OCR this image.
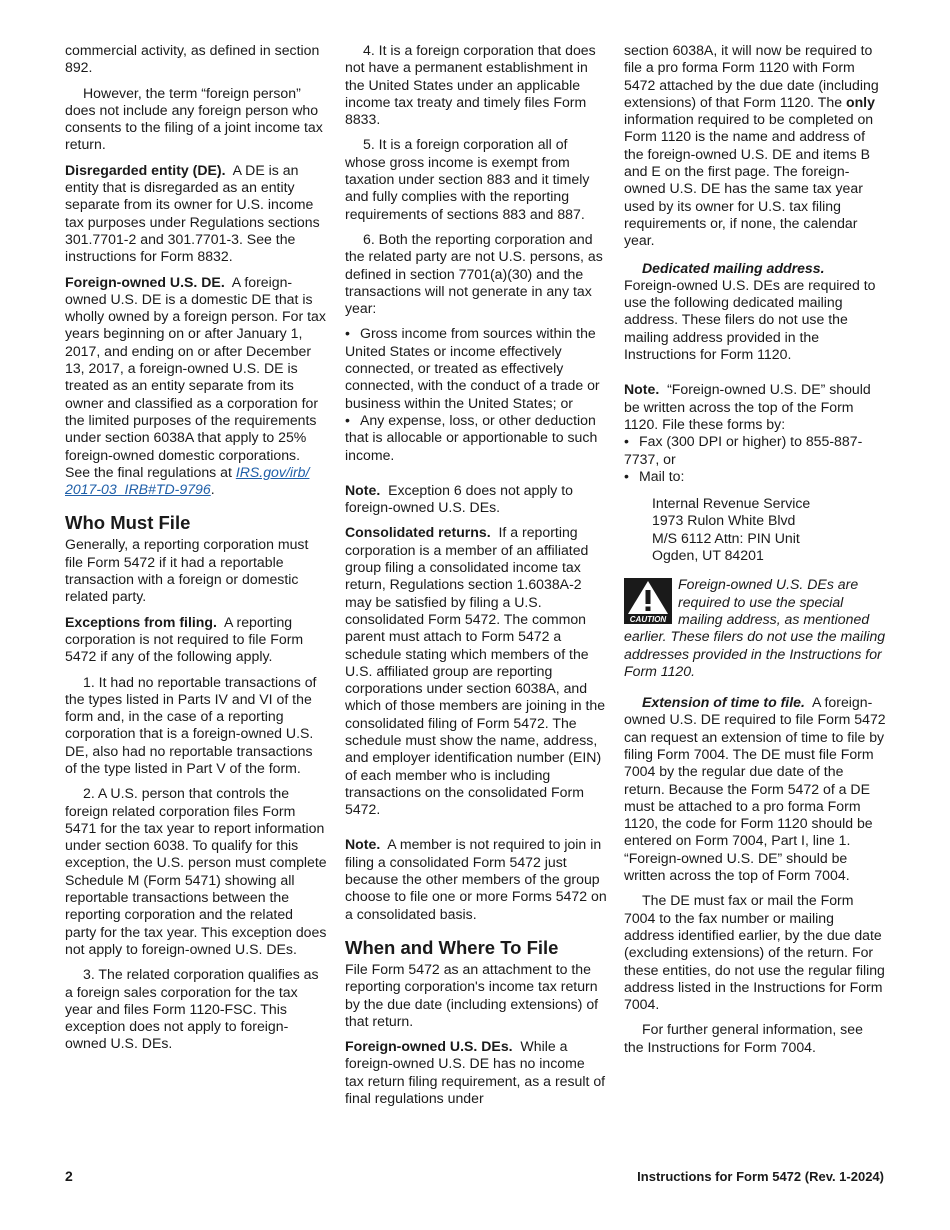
commercial activity, as defined in section 892.

However, the term “foreign person” does not include any foreign person who consents to the filing of a joint income tax return.

Disregarded entity (DE). A DE is an entity that is disregarded as an entity separate from its owner for U.S. income tax purposes under Regulations sections 301.7701-2 and 301.7701-3. See the instructions for Form 8832.

Foreign-owned U.S. DE. A foreign-owned U.S. DE is a domestic DE that is wholly owned by a foreign person. For tax years beginning on or after January 1, 2017, and ending on or after December 13, 2017, a foreign-owned U.S. DE is treated as an entity separate from its owner and classified as a corporation for the limited purposes of the requirements under section 6038A that apply to 25% foreign-owned domestic corporations. See the final regulations at IRS.gov/irb/ 2017-03_IRB#TD-9796.

Who Must File

Generally, a reporting corporation must file Form 5472 if it had a reportable transaction with a foreign or domestic related party.

Exceptions from filing. A reporting corporation is not required to file Form 5472 if any of the following apply.

1. It had no reportable transactions of the types listed in Parts IV and VI of the form and, in the case of a reporting corporation that is a foreign-owned U.S. DE, also had no reportable transactions of the type listed in Part V of the form.

2. A U.S. person that controls the foreign related corporation files Form 5471 for the tax year to report information under section 6038. To qualify for this exception, the U.S. person must complete Schedule M (Form 5471) showing all reportable transactions between the reporting corporation and the related party for the tax year. This exception does not apply to foreign-owned U.S. DEs.

3. The related corporation qualifies as a foreign sales corporation for the tax year and files Form 1120-FSC. This exception does not apply to foreign-owned U.S. DEs.

4. It is a foreign corporation that does not have a permanent establishment in the United States under an applicable income tax treaty and timely files Form 8833.

5. It is a foreign corporation all of whose gross income is exempt from taxation under section 883 and it timely and fully complies with the reporting requirements of sections 883 and 887.

6. Both the reporting corporation and the related party are not U.S. persons, as defined in section 7701(a)(30) and the transactions will not generate in any tax year:

• Gross income from sources within the United States or income effectively connected, or treated as effectively connected, with the conduct of a trade or business within the United States; or
• Any expense, loss, or other deduction that is allocable or apportionable to such income.

Note. Exception 6 does not apply to foreign-owned U.S. DEs.

Consolidated returns. If a reporting corporation is a member of an affiliated group filing a consolidated income tax return, Regulations section 1.6038A-2 may be satisfied by filing a U.S. consolidated Form 5472. The common parent must attach to Form 5472 a schedule stating which members of the U.S. affiliated group are reporting corporations under section 6038A, and which of those members are joining in the consolidated filing of Form 5472. The schedule must show the name, address, and employer identification number (EIN) of each member who is including transactions on the consolidated Form 5472.

Note. A member is not required to join in filing a consolidated Form 5472 just because the other members of the group choose to file one or more Forms 5472 on a consolidated basis.

When and Where To File

File Form 5472 as an attachment to the reporting corporation's income tax return by the due date (including extensions) of that return.

Foreign-owned U.S. DEs. While a foreign-owned U.S. DE has no income tax return filing requirement, as a result of final regulations under

section 6038A, it will now be required to file a pro forma Form 1120 with Form 5472 attached by the due date (including extensions) of that Form 1120. The only information required to be completed on Form 1120 is the name and address of the foreign-owned U.S. DE and items B and E on the first page. The foreign-owned U.S. DE has the same tax year used by its owner for U.S. tax filing requirements or, if none, the calendar year.

Dedicated mailing address.
Foreign-owned U.S. DEs are required to use the following dedicated mailing address. These filers do not use the mailing address provided in the Instructions for Form 1120.

Note. “Foreign-owned U.S. DE” should be written across the top of the Form 1120. File these forms by:

• Fax (300 DPI or higher) to 855-887-7737, or
• Mail to:
Internal Revenue Service
1973 Rulon White Blvd
M/S 6112 Attn: PIN Unit
Ogden, UT 84201
CAUTION
Foreign-owned U.S. DEs are required to use the special mailing address, as mentioned earlier. These filers do not use the mailing addresses provided in the Instructions for Form 1120.

Extension of time to file. A foreign-owned U.S. DE required to file Form 5472 can request an extension of time to file by filing Form 7004. The DE must file Form 7004 by the regular due date of the return. Because the Form 5472 of a DE must be attached to a pro forma Form 1120, the code for Form 1120 should be entered on Form 7004, Part I, line 1. “Foreign-owned U.S. DE” should be written across the top of Form 7004.

The DE must fax or mail the Form 7004 to the fax number or mailing address identified earlier, by the due date (excluding extensions) of the return. For these entities, do not use the regular filing address listed in the Instructions for Form 7004.

For further general information, see the Instructions for Form 7004.

2	Instructions for Form 5472 (Rev. 1-2024)
